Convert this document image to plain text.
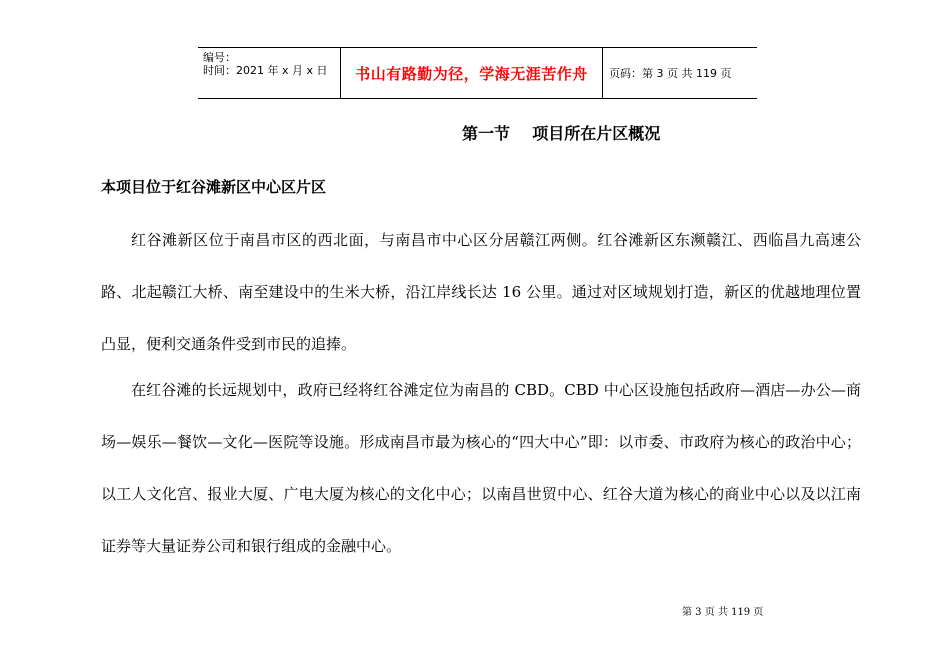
编号：
时间：2021 年 x 月 x 日	书山有路勤为径，学海无涯苦作舟	页码：第 3 页 共 119 页
第一节    项目所在片区概况
本项目位于红谷滩新区中心区片区

红谷滩新区位于南昌市区的西北面，与南昌市中心区分居赣江两侧。红谷滩新区东濒赣江、西临昌九高速公路、北起赣江大桥、南至建设中的生米大桥，沿江岸线长达 16 公里。通过对区域规划打造，新区的优越地理位置凸显，便利交通条件受到市民的追捧。

在红谷滩的长远规划中，政府已经将红谷滩定位为南昌的 CBD。CBD 中心区设施包括政府—酒店—办公—商场—娱乐—餐饮—文化—医院等设施。形成南昌市最为核心的“四大中心”即：以市委、市政府为核心的政治中心；以工人文化宫、报业大厦、广电大厦为核心的文化中心；以南昌世贸中心、红谷大道为核心的商业中心以及以江南证券等大量证券公司和银行组成的金融中心。

第 3 页 共 119 页
